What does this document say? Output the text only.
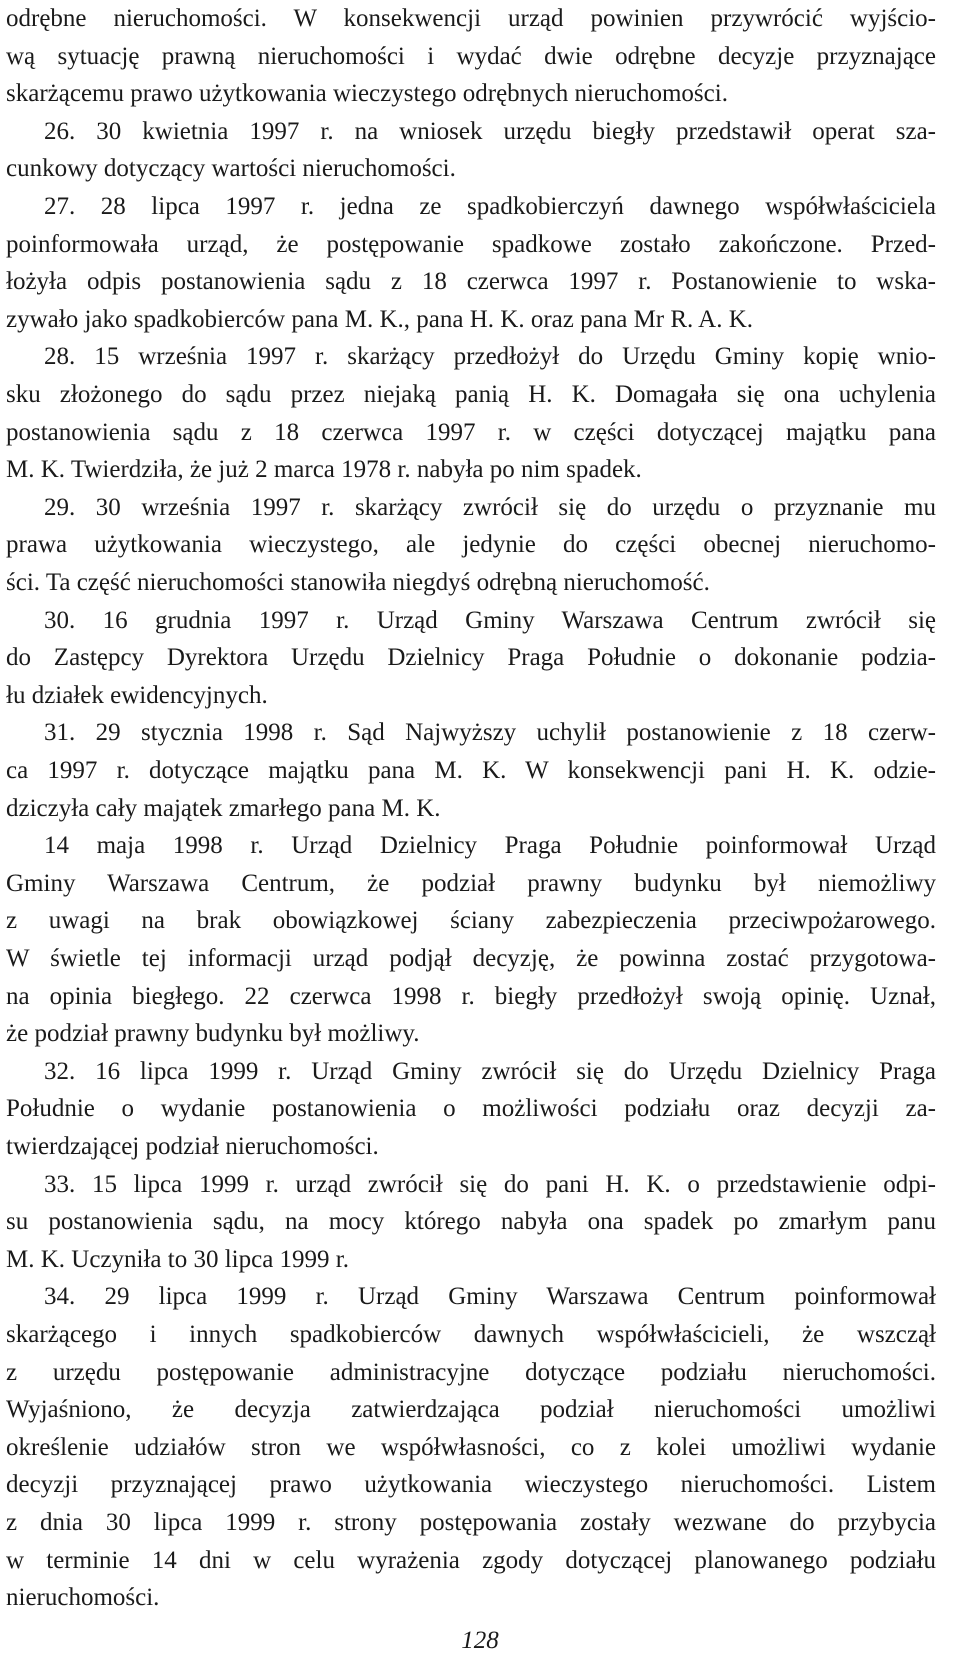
odrębne nieruchomości. W konsekwencji urząd powinien przywrócić wyjścio-
wą sytuację prawną nieruchomości i wydać dwie odrębne decyzje przyznające
skarżącemu prawo użytkowania wieczystego odrębnych nieruchomości.
26. 30 kwietnia 1997 r. na wniosek urzędu biegły przedstawił operat sza-
cunkowy dotyczący wartości nieruchomości.
27. 28 lipca 1997 r. jedna ze spadkobierczyń dawnego współwłaściciela
poinformowała urząd, że postępowanie spadkowe zostało zakończone. Przed-
łożyła odpis postanowienia sądu z 18 czerwca 1997 r. Postanowienie to wska-
zywało jako spadkobierców pana M. K., pana H. K. oraz pana Mr R. A. K.
28. 15 września 1997 r. skarżący przedłożył do Urzędu Gminy kopię wnio-
sku złożonego do sądu przez niejaką panią H. K. Domagała się ona uchylenia
postanowienia sądu z 18 czerwca 1997 r. w części dotyczącej majątku pana
M. K. Twierdziła, że już 2 marca 1978 r. nabyła po nim spadek.
29. 30 września 1997 r. skarżący zwrócił się do urzędu o przyznanie mu
prawa użytkowania wieczystego, ale jedynie do części obecnej nieruchomo-
ści. Ta część nieruchomości stanowiła niegdyś odrębną nieruchomość.
30. 16 grudnia 1997 r. Urząd Gminy Warszawa Centrum zwrócił się
do Zastępcy Dyrektora Urzędu Dzielnicy Praga Południe o dokonanie podzia-
łu działek ewidencyjnych.
31. 29 stycznia 1998 r. Sąd Najwyższy uchylił postanowienie z 18 czerw-
ca 1997 r. dotyczące majątku pana M. K. W konsekwencji pani H. K. odzie-
dziczyła cały majątek zmarłego pana M. K.
14 maja 1998 r. Urząd Dzielnicy Praga Południe poinformował Urząd
Gminy Warszawa Centrum, że podział prawny budynku był niemożliwy
z uwagi na brak obowiązkowej ściany zabezpieczenia przeciwpożarowego.
W świetle tej informacji urząd podjął decyzję, że powinna zostać przygotowa-
na opinia biegłego. 22 czerwca 1998 r. biegły przedłożył swoją opinię. Uznał,
że podział prawny budynku był możliwy.
32. 16 lipca 1999 r. Urząd Gminy zwrócił się do Urzędu Dzielnicy Praga
Południe o wydanie postanowienia o możliwości podziału oraz decyzji za-
twierdzającej podział nieruchomości.
33. 15 lipca 1999 r. urząd zwrócił się do pani H. K. o przedstawienie odpi-
su postanowienia sądu, na mocy którego nabyła ona spadek po zmarłym panu
M. K. Uczyniła to 30 lipca 1999 r.
34. 29 lipca 1999 r. Urząd Gminy Warszawa Centrum poinformował
skarżącego i innych spadkobierców dawnych współwłaścicieli, że wszczął
z urzędu postępowanie administracyjne dotyczące podziału nieruchomości.
Wyjaśniono, że decyzja zatwierdzająca podział nieruchomości umożliwi
określenie udziałów stron we współwłasności, co z kolei umożliwi wydanie
decyzji przyznającej prawo użytkowania wieczystego nieruchomości. Listem
z dnia 30 lipca 1999 r. strony postępowania zostały wezwane do przybycia
w terminie 14 dni w celu wyrażenia zgody dotyczącej planowanego podziału
nieruchomości.
128
